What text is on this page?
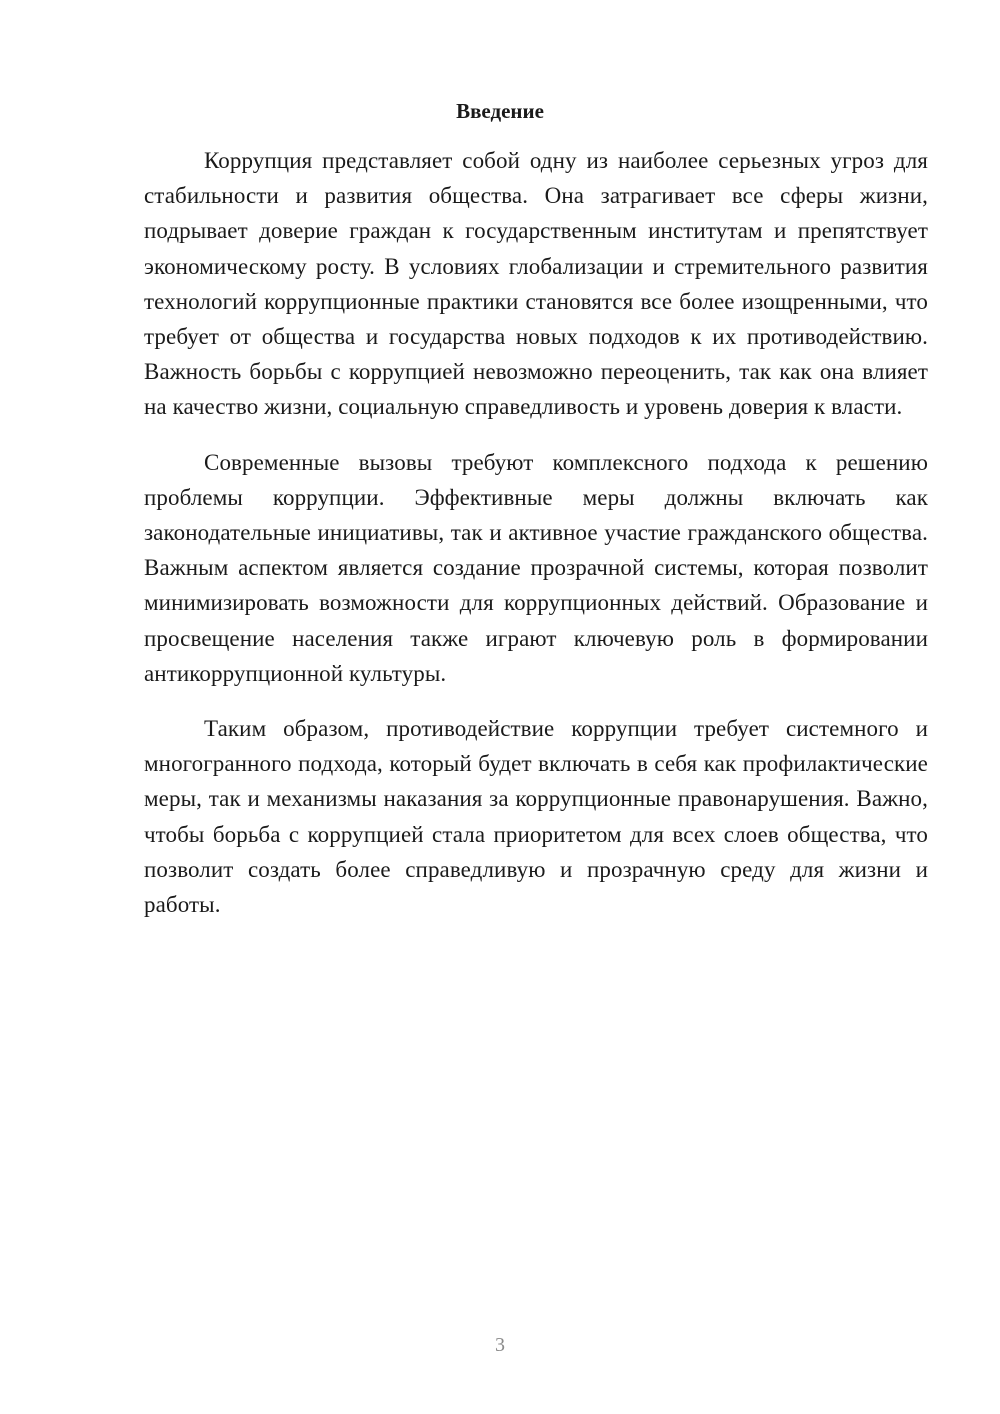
Введение

Коррупция представляет собой одну из наиболее серьезных угроз для стабильности и развития общества. Она затрагивает все сферы жизни, подрывает доверие граждан к государственным институтам и препятствует экономическому росту. В условиях глобализации и стремительного развития технологий коррупционные практики становятся все более изощренными, что требует от общества и государства новых подходов к их противодействию. Важность борьбы с коррупцией невозможно переоценить, так как она влияет на качество жизни, социальную справедливость и уровень доверия к власти.

Современные вызовы требуют комплексного подхода к решению проблемы коррупции. Эффективные меры должны включать как законодательные инициативы, так и активное участие гражданского общества. Важным аспектом является создание прозрачной системы, которая позволит минимизировать возможности для коррупционных действий. Образование и просвещение населения также играют ключевую роль в формировании антикоррупционной культуры.

Таким образом, противодействие коррупции требует системного и многогранного подхода, который будет включать в себя как профилактические меры, так и механизмы наказания за коррупционные правонарушения. Важно, чтобы борьба с коррупцией стала приоритетом для всех слоев общества, что позволит создать более справедливую и прозрачную среду для жизни и работы.

3
